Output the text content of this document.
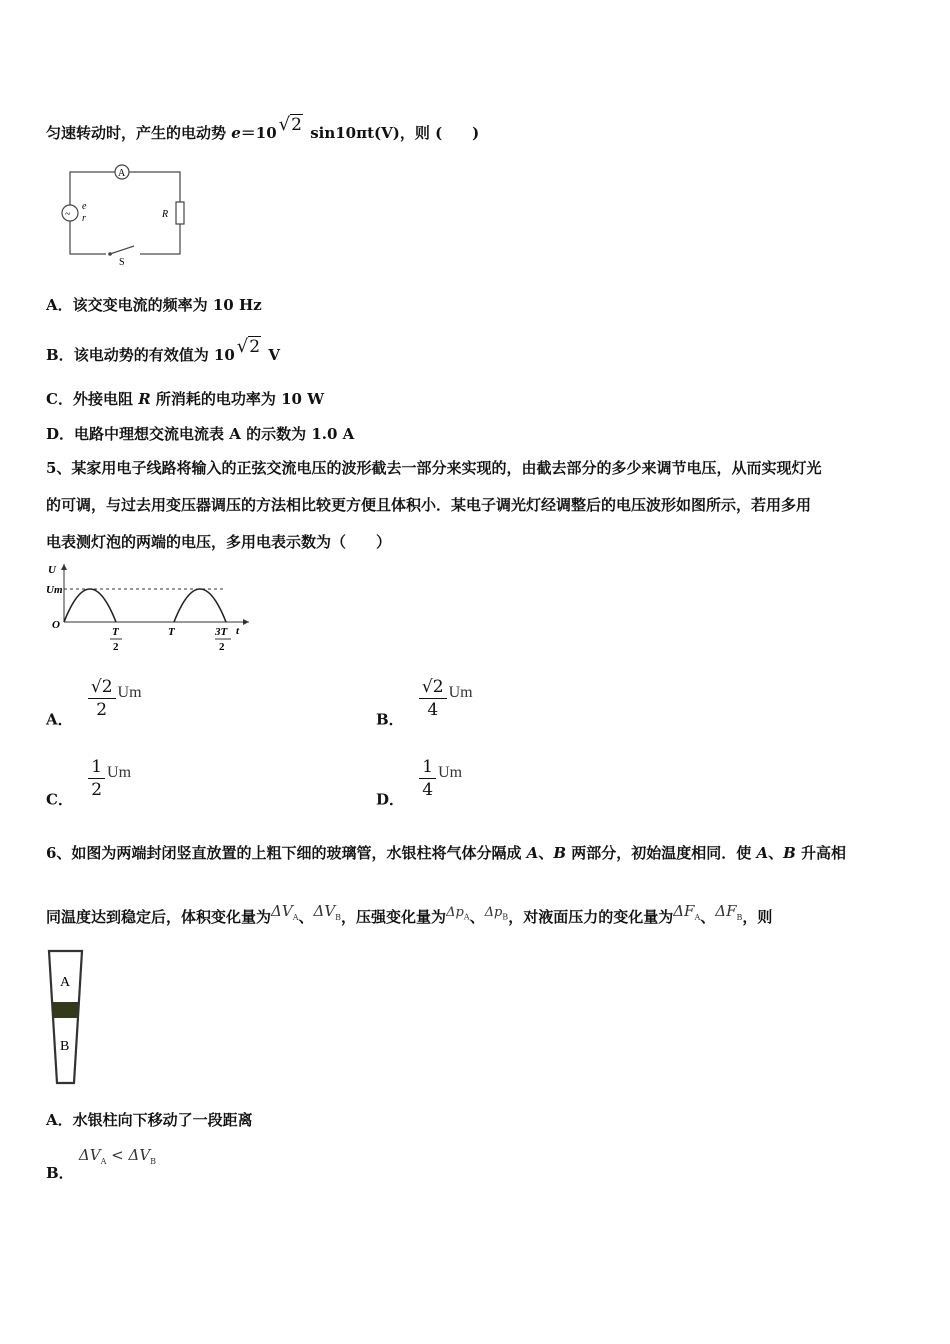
匀速转动时，产生的电动势 e＝10 √2 sin10πt(V)，则 (　　)
A
~
e
r	R
S
A．该交变电流的频率为 10 Hz
B．该电动势的有效值为 10 √2 V
C．外接电阻 R 所消耗的电功率为 10 W
D．电路中理想交流电流表 A 的示数为 1.0 A
5、某家用电子线路将输入的正弦交流电压的波形截去一部分来实现的，由截去部分的多少来调节电压，从而实现灯光
的可调，与过去用变压器调压的方法相比较更方便且体积小．某电子调光灯经调整后的电压波形如图所示，若用多用
电表测灯泡的两端的电压，多用电表示数为（　　）
U
Um
O	t
T
2
T	3T
2
A． $\frac{√2}{2}$ Um
B． $\frac{√2}{4}$ Um
C． $\frac{1}{2}$ Um
D． $\frac{1}{4}$ Um
6、如图为两端封闭竖直放置的上粗下细的玻璃管，水银柱将气体分隔成 A、B 两部分，初始温度相同．使 A、B 升高相
同温度达到稳定后，体积变化量为$\Delta V_A$、$\Delta V_B$，压强变化量为$\Delta p_A$、$\Delta p_B$，对液面压力的变化量为$\Delta F_A$、$\Delta F_B$，则
A
B
A．水银柱向下移动了一段距离
B． $\Delta V_A < \Delta V_B$
